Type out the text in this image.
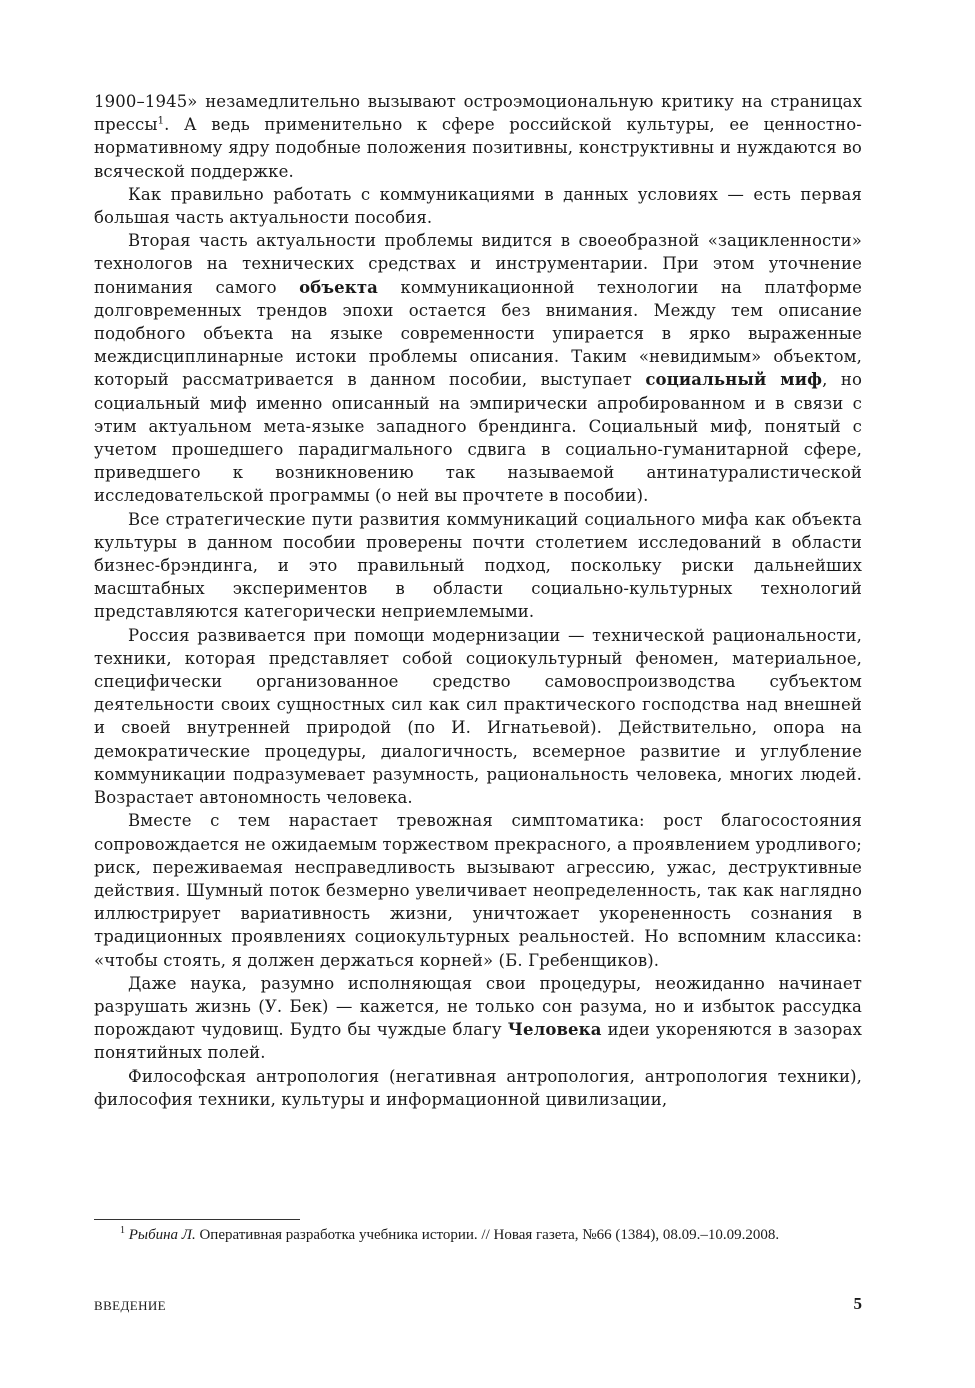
1900–1945» незамедлительно вызывают остроэмоциональную критику на страницах прессы$^1$. А ведь применительно к сфере российской культуры, ее ценностно-нормативному ядру подобные положения позитивны, конструктивны и нуждаются во всяческой поддержке.

Как правильно работать с коммуникациями в данных условиях — есть первая большая часть актуальности пособия.

Вторая часть актуальности проблемы видится в своеобразной «зацикленности» технологов на технических средствах и инструментарии. При этом уточнение понимания самого объекта коммуникационной технологии на платформе долговременных трендов эпохи остается без внимания. Между тем описание подобного объекта на языке современности упирается в ярко выраженные междисциплинарные истоки проблемы описания. Таким «невидимым» объектом, который рассматривается в данном пособии, выступает социальный миф, но социальный миф именно описанный на эмпирически апробированном и в связи с этим актуальном мета-языке западного брендинга. Социальный миф, понятый с учетом прошедшего парадигмального сдвига в социально-гуманитарной сфере, приведшего к возникновению так называемой антинатуралистической исследовательской программы (о ней вы прочтете в пособии).

Все стратегические пути развития коммуникаций социального мифа как объекта культуры в данном пособии проверены почти столетием исследований в области бизнес-брэндинга, и это правильный подход, поскольку риски дальнейших масштабных экспериментов в области социально-культурных технологий представляются категорически неприемлемыми.

Россия развивается при помощи модернизации — технической рациональности, техники, которая представляет собой социокультурный феномен, материальное, специфически организованное средство самовоспроизводства субъектом деятельности своих сущностных сил как сил практического господства над внешней и своей внутренней природой (по И. Игнатьевой). Действительно, опора на демократические процедуры, диалогичность, всемерное развитие и углубление коммуникации подразумевает разумность, рациональность человека, многих людей. Возрастает автономность человека.

Вместе с тем нарастает тревожная симптоматика: рост благосостояния сопровождается не ожидаемым торжеством прекрасного, а проявлением уродливого; риск, переживаемая несправедливость вызывают агрессию, ужас, деструктивные действия. Шумный поток безмерно увеличивает неопределенность, так как наглядно иллюстрирует вариативность жизни, уничтожает укорененность сознания в традиционных проявлениях социокультурных реальностей. Но вспомним классика: «чтобы стоять, я должен держаться корней» (Б. Гребенщиков).

Даже наука, разумно исполняющая свои процедуры, неожиданно начинает разрушать жизнь (У. Бек) — кажется, не только сон разума, но и избыток рассудка порождают чудовищ. Будто бы чуждые благу Человека идеи укореняются в зазорах понятийных полей.

Философская антропология (негативная антропология, антропология техники), философия техники, культуры и информационной цивилизации,

$^1$ Рыбина Л. Оперативная разработка учебника истории. // Новая газета, №66 (1384), 08.09.–10.09.2008.
ВВЕДЕНИЕ	5
